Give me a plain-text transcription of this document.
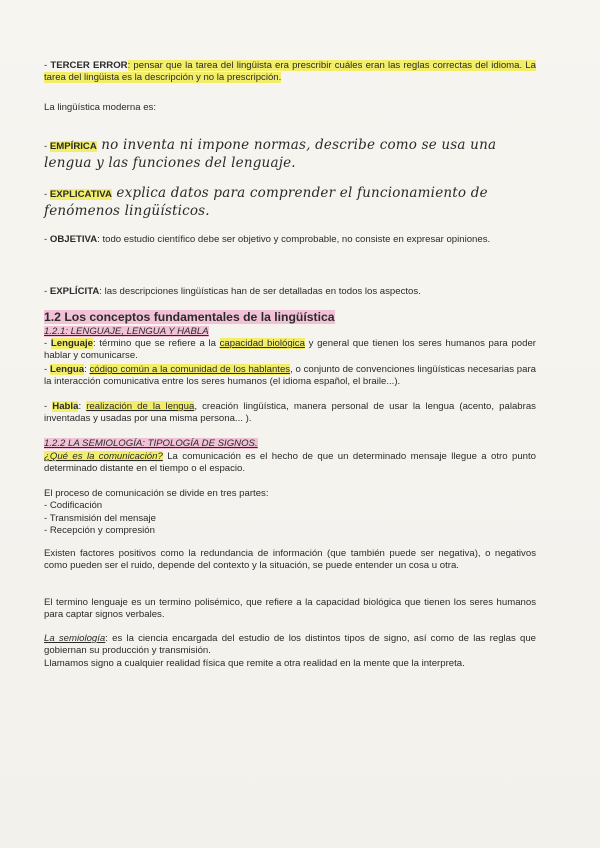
- TERCER ERROR: pensar que la tarea del lingüista era prescribir cuáles eran las reglas correctas del idioma. La tarea del lingüista es la descripción y no la prescripción.
La lingüística moderna es:
- EMPÍRICA no inventa ni impone normas, describe como se usa una lengua y las funciones del lenguaje.
- EXPLICATIVA explica datos para comprender el funcionamiento de fenómenos lingüísticos.
- OBJETIVA: todo estudio científico debe ser objetivo y comprobable, no consiste en expresar opiniones.
- EXPLÍCITA: las descripciones lingüísticas han de ser detalladas en todos los aspectos.
1.2 Los conceptos fundamentales de la lingüística
1.2.1: LENGUAJE, LENGUA Y HABLA
- Lenguaje: término que se refiere a la capacidad biológica y general que tienen los seres humanos para poder hablar y comunicarse.
- Lengua: código común a la comunidad de los hablantes, o conjunto de convenciones lingüísticas necesarias para la interacción comunicativa entre los seres humanos (el idioma español, el braile...).
- Habla: realización de la lengua, creación lingüística, manera personal de usar la lengua (acento, palabras inventadas y usadas por una misma persona... ).
1.2.2 LA SEMIOLOGÍA: TIPOLOGÍA DE SIGNOS.
¿Qué es la comunicación? La comunicación es el hecho de que un determinado mensaje llegue a otro punto determinado distante en el tiempo o el espacio.
El proceso de comunicación se divide en tres partes:
- Codificación
- Transmisión del mensaje
- Recepción y compresión
Existen factores positivos como la redundancia de información (que también puede ser negativa), o negativos como pueden ser el ruido, depende del contexto y la situación, se puede entender un cosa u otra.
El termino lenguaje es un termino polisémico, que refiere a la capacidad biológica que tienen los seres humanos para captar signos verbales.
La semiología: es la ciencia encargada del estudio de los distintos tipos de signo, así como de las reglas que gobiernan su producción y transmisión.
Llamamos signo a cualquier realidad física que remite a otra realidad en la mente que la interpreta.
